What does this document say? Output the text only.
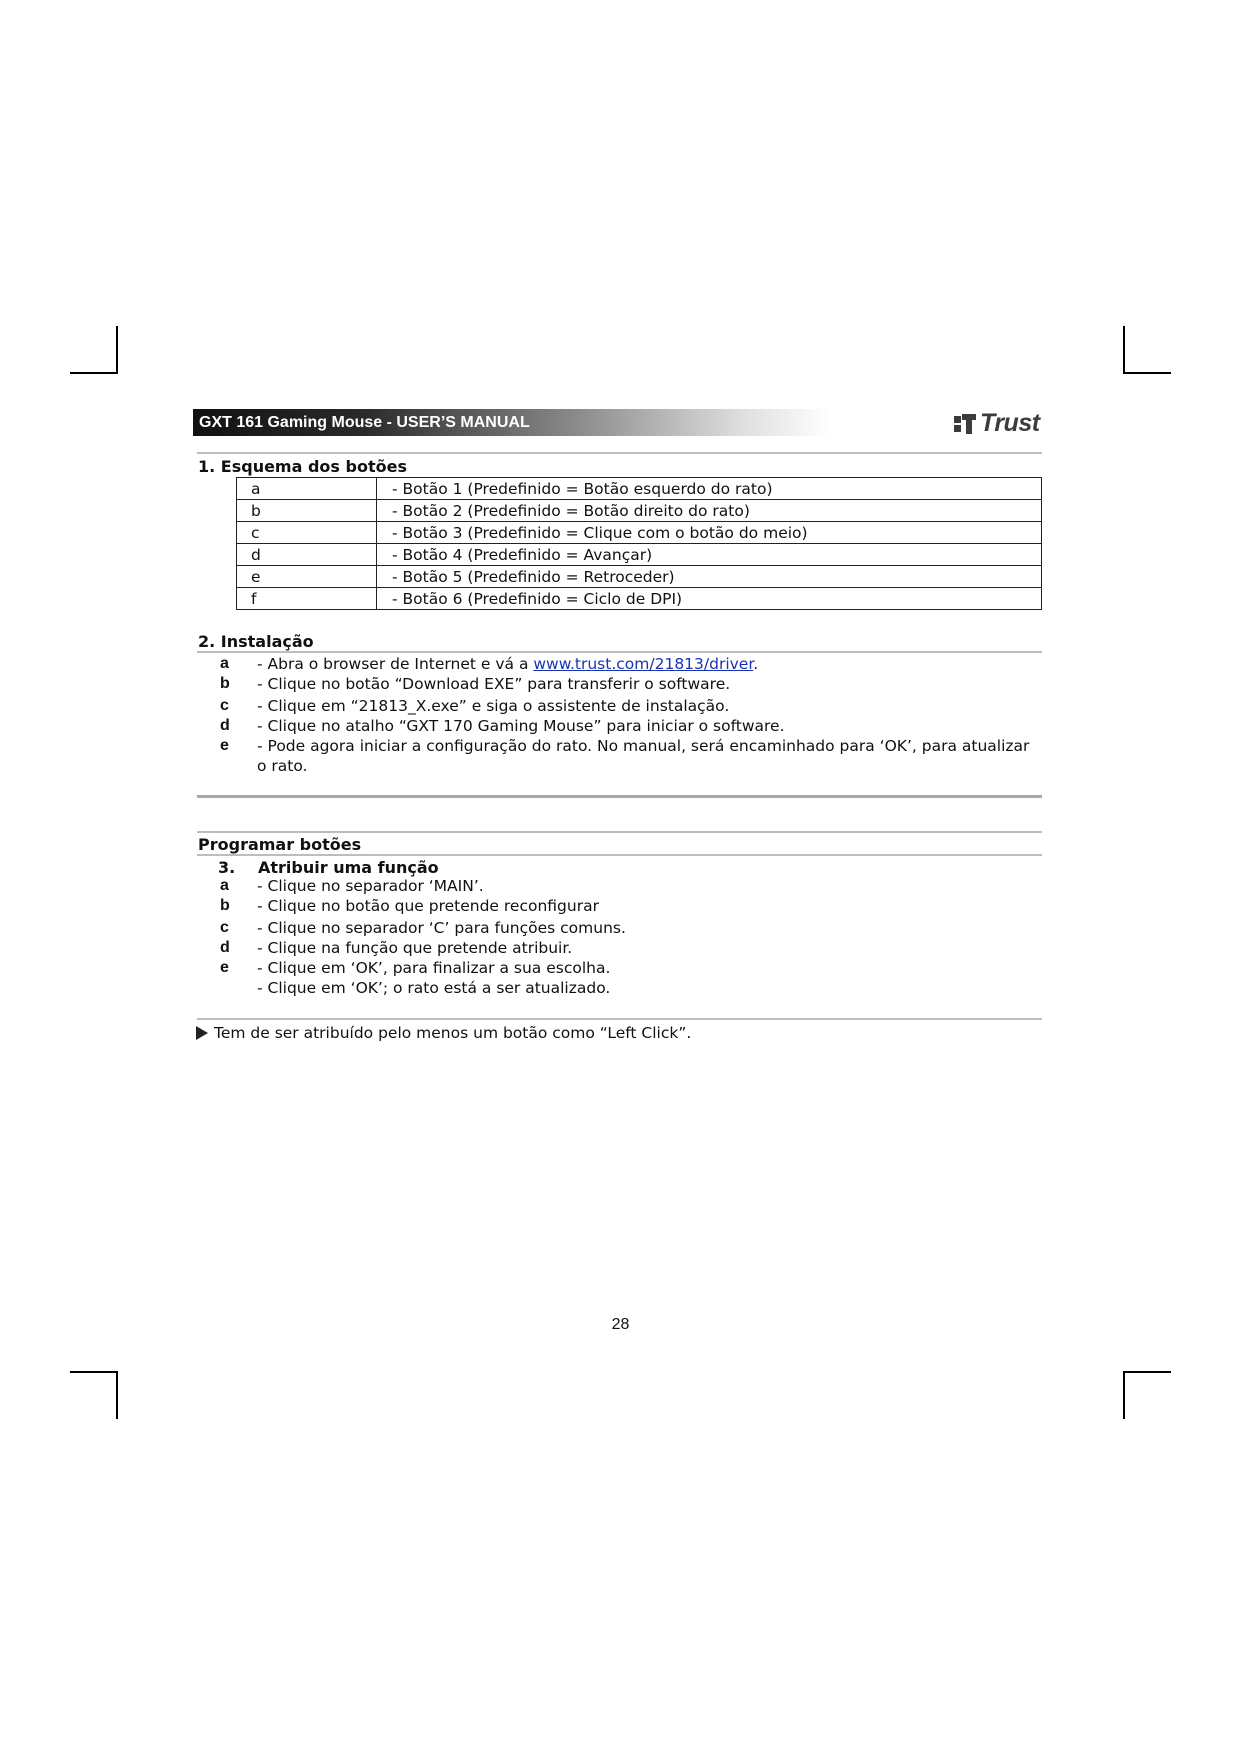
GXT 161 Gaming Mouse - USER’S MANUAL	Trust
1. Esquema dos botões
a	- Botão 1 (Predefinido = Botão esquerdo do rato)
b	- Botão 2 (Predefinido = Botão direito do rato)
c	- Botão 3 (Predefinido = Clique com o botão do meio)
d	- Botão 4 (Predefinido = Avançar)
e	- Botão 5 (Predefinido = Retroceder)
f	- Botão 6 (Predefinido = Ciclo de DPI)
2. Instalação
a	- Abra o browser de Internet e vá a www.trust.com/21813/driver.
b	- Clique no botão “Download EXE” para transferir o software.
c	- Clique em “21813_X.exe” e siga o assistente de instalação.
d	- Clique no atalho “GXT 170 Gaming Mouse” para iniciar o software.
e	- Pode agora iniciar a configuração do rato. No manual, será encaminhado para ‘OK’, para atualizar o rato.
Programar botões
3.	Atribuir uma função
a	- Clique no separador ‘MAIN’.
b	- Clique no botão que pretende reconfigurar
c	- Clique no separador ‘C’ para funções comuns.
d	- Clique na função que pretende atribuir.
e	- Clique em ‘OK’, para finalizar a sua escolha.
- Clique em ‘OK’; o rato está a ser atualizado.
Tem de ser atribuído pelo menos um botão como “Left Click”.
28
